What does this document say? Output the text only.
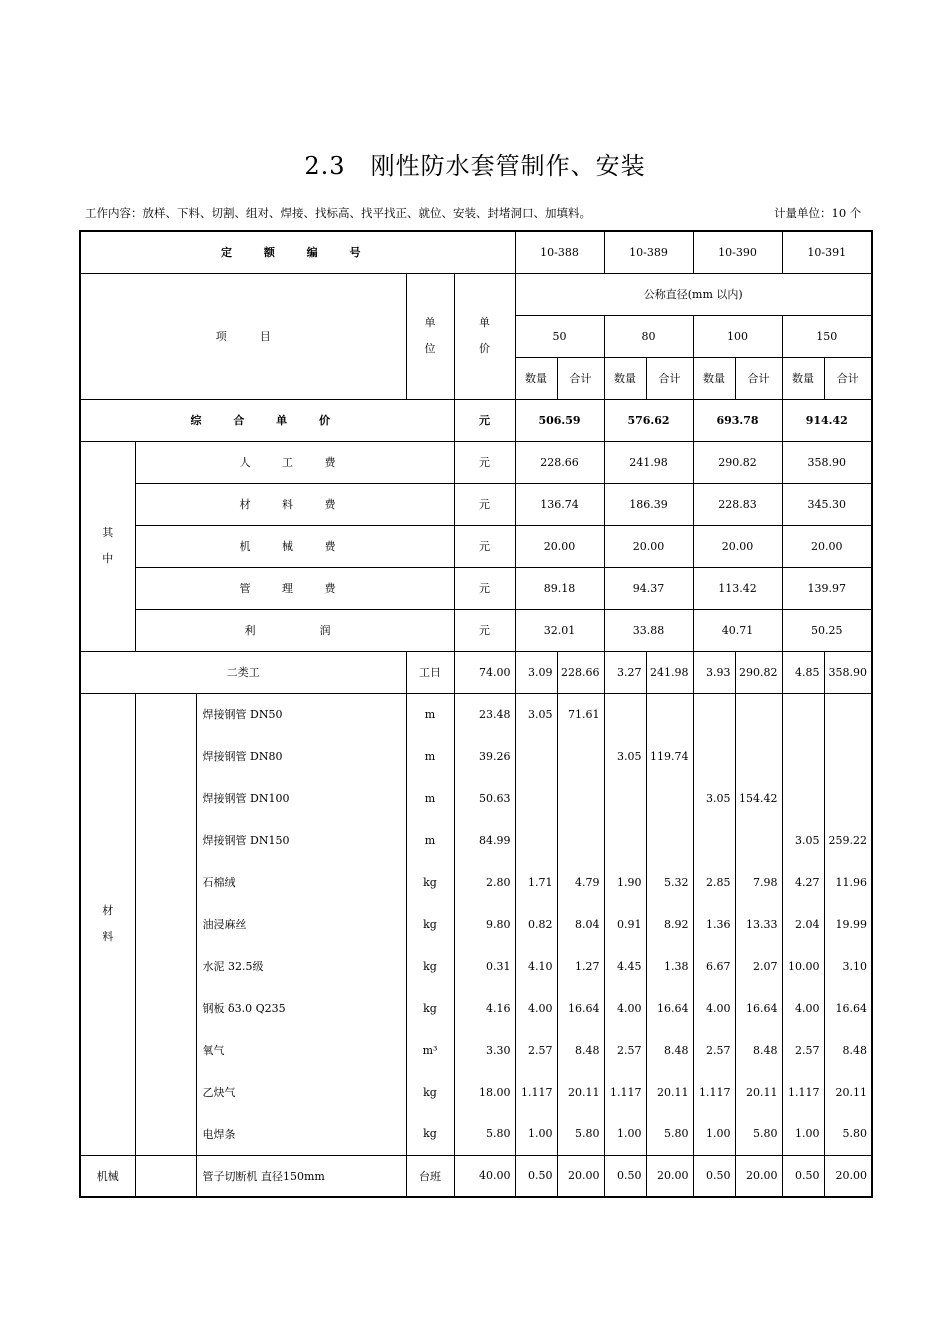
2.3　刚性防水套管制作、安装
工作内容：放样、下料、切割、组对、焊接、找标高、找平找正、就位、安装、封堵洞口、加填料。	计量单位：10 个
定 额 编 号					10-388		10-389		10-390		10-391	
项　　　目			单位	单价	公称直径(mm 以内)							
					50		80		100		150	
					数量	合计	数量	合计	数量	合计	数量	合计
综 合 单 价				元	506.59		576.62		693.78		914.42	

其
中	人 工 费			元	228.66		241.98		290.82		358.90	
	材 料 费			元	136.74		186.39		228.83		345.30	
	机 械 费			元	20.00		20.00		20.00		20.00	
	管 理 费			元	89.18		94.37		113.42		139.97	
	利　　润			元	32.01		33.88		40.71		50.25	
二类工			工日	74.00	3.09	228.66	3.27	241.98	3.93	290.82	4.85	358.90

材
料		焊接钢管 DN50	m	23.48	3.05	71.61						
		焊接钢管 DN80	m	39.26			3.05	119.74				
		焊接钢管 DN100	m	50.63					3.05	154.42		
		焊接钢管 DN150	m	84.99							3.05	259.22
		石棉绒	kg	2.80	1.71	4.79	1.90	5.32	2.85	7.98	4.27	11.96
		油浸麻丝	kg	9.80	0.82	8.04	0.91	8.92	1.36	13.33	2.04	19.99
		水泥 32.5级	kg	0.31	4.10	1.27	4.45	1.38	6.67	2.07	10.00	3.10
		钢板 δ3.0 Q235	kg	4.16	4.00	16.64	4.00	16.64	4.00	16.64	4.00	16.64
		氧气	m³	3.30	2.57	8.48	2.57	8.48	2.57	8.48	2.57	8.48
		乙炔气	kg	18.00	1.117	20.11	1.117	20.11	1.117	20.11	1.117	20.11
		电焊条	kg	5.80	1.00	5.80	1.00	5.80	1.00	5.80	1.00	5.80
机械		管子切断机 直径150mm	台班	40.00	0.50	20.00	0.50	20.00	0.50	20.00	0.50	20.00
